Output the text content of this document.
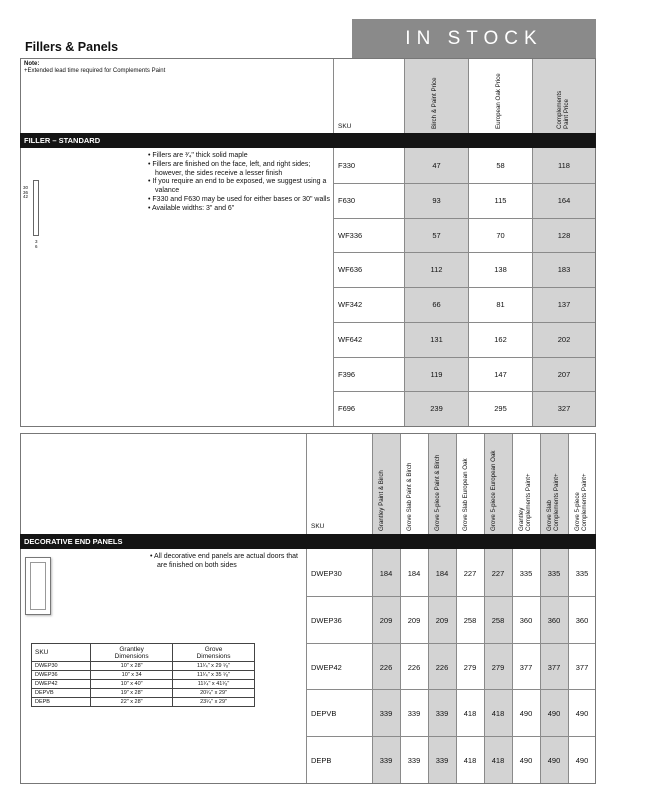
Fillers & Panels	IN STOCK
Note:
+Extended lead time required for Complements Paint
SKU	Birch & Paint Price	European Oak Price	Complements
Paint Price
FILLER – STANDARD
• Fillers are ³⁄₄" thick solid maple
• Fillers are finished on the face, left, and right sides; however, the sides receive a lesser finish
• If you require an end to be exposed, we suggest using a valance
• F330 and F630 may be used for either bases or 30" walls
• Available widths: 3" and 6"
30
36
42
3
6
F330	47	58	118
F630	93	115	164
WF336	57	70	128
WF636	112	138	183
WF342	66	81	137
WF642	131	162	202
F396	119	147	207
F696	239	295	327
SKU	Grantley Paint & Birch	Grove Slab Paint & Birch	Grove 5-piece Paint & Birch	Grove Slab European Oak	Grove 5-piece European Oak	Grantley
Complements Paint+
Grove Slab
Complements Paint+
Grove 5-piece
Complements Paint+
DECORATIVE END PANELS
• All decorative end panels are actual doors that are finished on both sides
SKU	Grantley
Dimensions	Grove
Dimensions
DWEP30	10" x 28"	11¹⁄₄" x 29 ¹⁄₈"
DWEP36	10" x 34	11¹⁄₄" x 35 ¹⁄₈"
DWEP42	10" x 40"	11¹⁄₄" x 41¹⁄₈"
DEPVB	19" x 28"	20¹⁄₄" x 29"
DEPB	22" x 28"	23¹⁄₄" x 29"
DWEP30	184	184	184	227	227	335	335	335
DWEP36	209	209	209	258	258	360	360	360
DWEP42	226	226	226	279	279	377	377	377
DEPVB	339	339	339	418	418	490	490	490
DEPB	339	339	339	418	418	490	490	490
